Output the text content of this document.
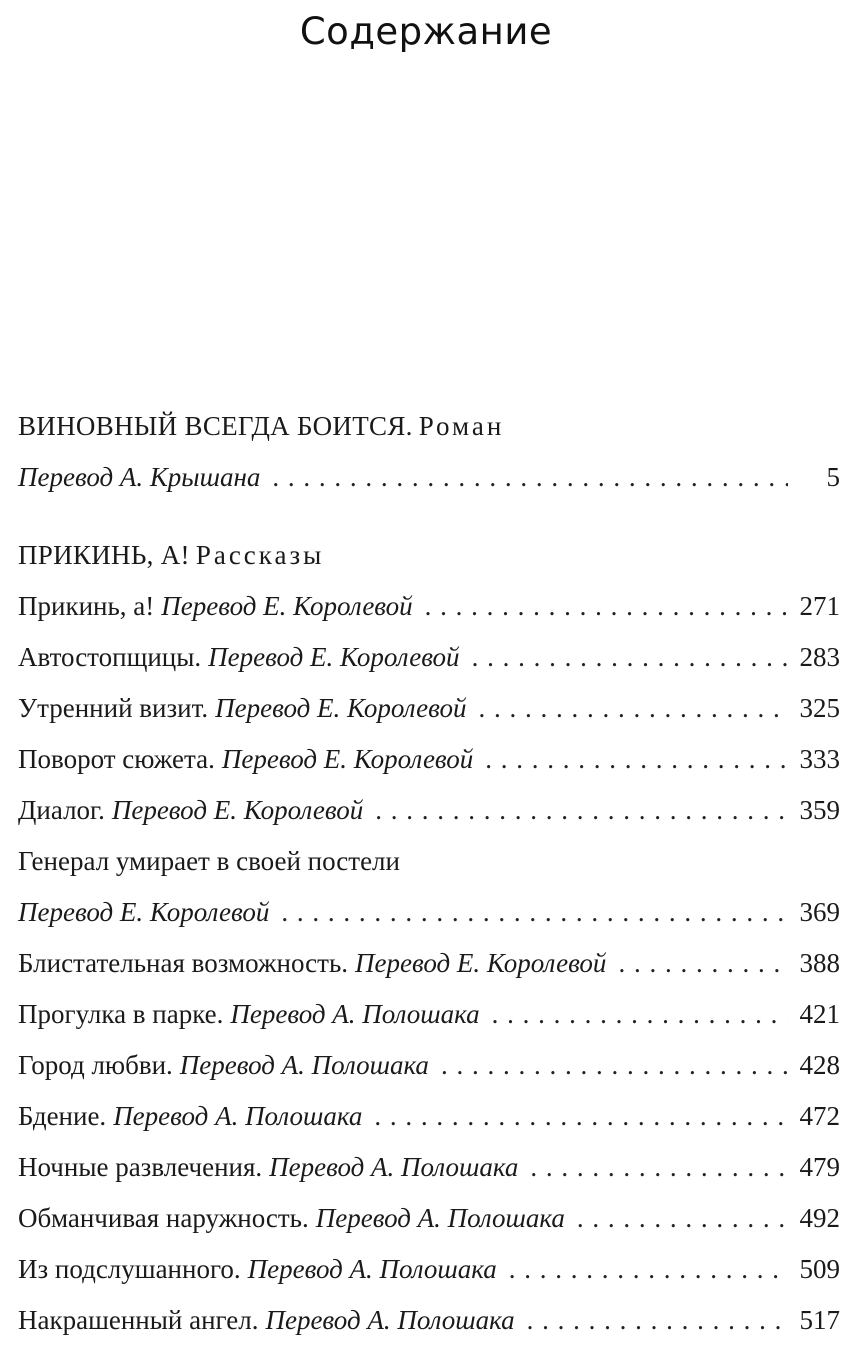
Содержание
ВИНОВНЫЙ ВСЕГДА БОИТСЯ. Роман
Перевод А. Крышана . . .	5
ПРИКИНЬ, А! Рассказы
Прикинь, а! Перевод Е. Королевой . . .	271
Автостопщицы. Перевод Е. Королевой . . .	283
Утренний визит. Перевод Е. Королевой . . .	325
Поворот сюжета. Перевод Е. Королевой . . .	333
Диалог. Перевод Е. Королевой . . .	359
Генерал умирает в своей постели
Перевод Е. Королевой . . .	369
Блистательная возможность. Перевод Е. Королевой . . .	388
Прогулка в парке. Перевод А. Полошака . . .	421
Город любви. Перевод А. Полошака . . .	428
Бдение. Перевод А. Полошака . . .	472
Ночные развлечения. Перевод А. Полошака . . .	479
Обманчивая наружность. Перевод А. Полошака . . .	492
Из подслушанного. Перевод А. Полошака . . .	509
Накрашенный ангел. Перевод А. Полошака . . .	517
